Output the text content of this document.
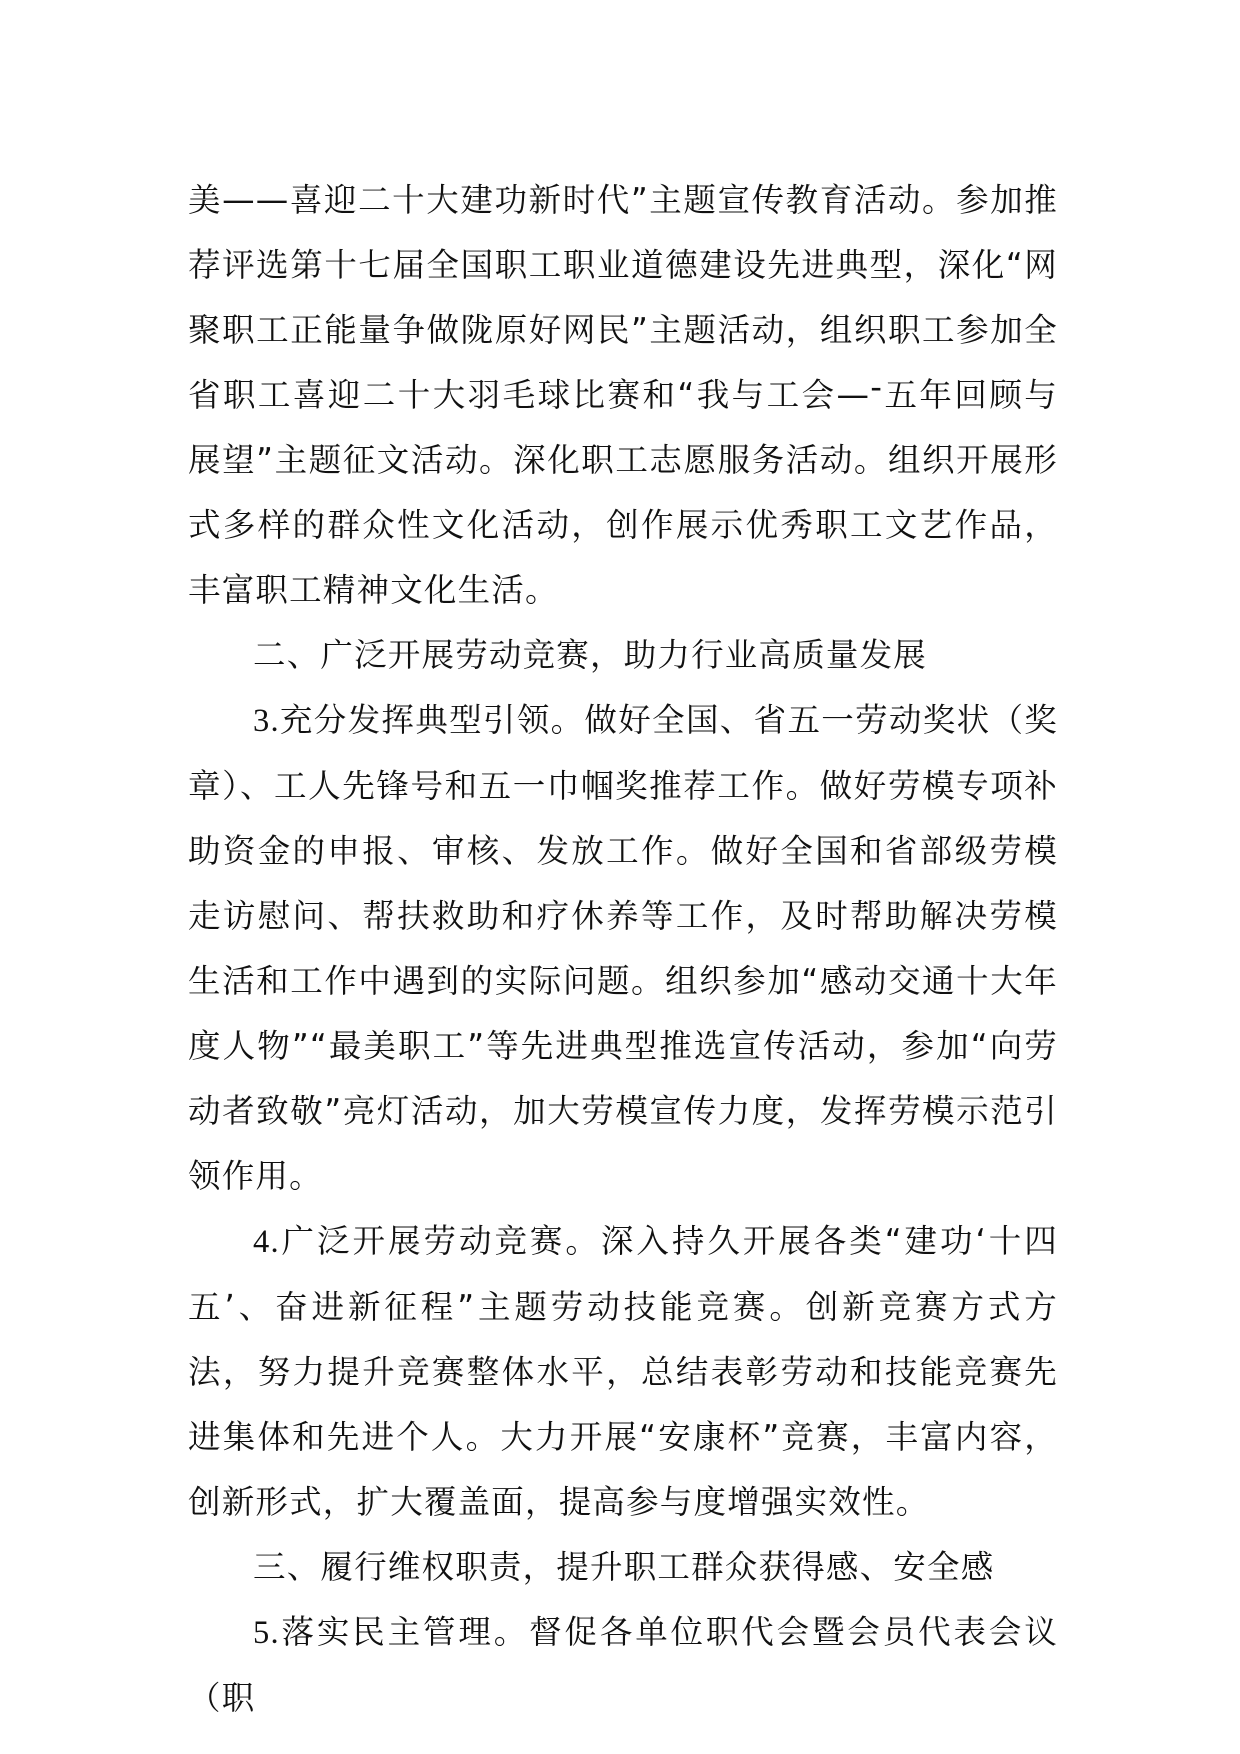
美——喜迎二十大建功新时代”主题宣传教育活动。参加推荐评选第十七届全国职工职业道德建设先进典型，深化“网聚职工正能量争做陇原好网民”主题活动，组织职工参加全省职工喜迎二十大羽毛球比赛和“我与工会—־五年回顾与展望”主题征文活动。深化职工志愿服务活动。组织开展形式多样的群众性文化活动，创作展示优秀职工文艺作品，丰富职工精神文化生活。

二、广泛开展劳动竞赛，助力行业高质量发展

3.充分发挥典型引领。做好全国、省五一劳动奖状（奖章）、工人先锋号和五一巾帼奖推荐工作。做好劳模专项补助资金的申报、审核、发放工作。做好全国和省部级劳模走访慰问、帮扶救助和疗休养等工作，及时帮助解决劳模生活和工作中遇到的实际问题。组织参加“感动交通十大年度人物”“最美职工”等先进典型推选宣传活动，参加“向劳动者致敬”亮灯活动，加大劳模宣传力度，发挥劳模示范引领作用。

4.广泛开展劳动竞赛。深入持久开展各类“建功‘十四五’、奋进新征程”主题劳动技能竞赛。创新竞赛方式方法，努力提升竞赛整体水平，总结表彰劳动和技能竞赛先进集体和先进个人。大力开展“安康杯”竞赛，丰富内容，创新形式，扩大覆盖面，提高参与度增强实效性。

三、履行维权职责，提升职工群众获得感、安全感

5.落实民主管理。督促各单位职代会暨会员代表会议（职
